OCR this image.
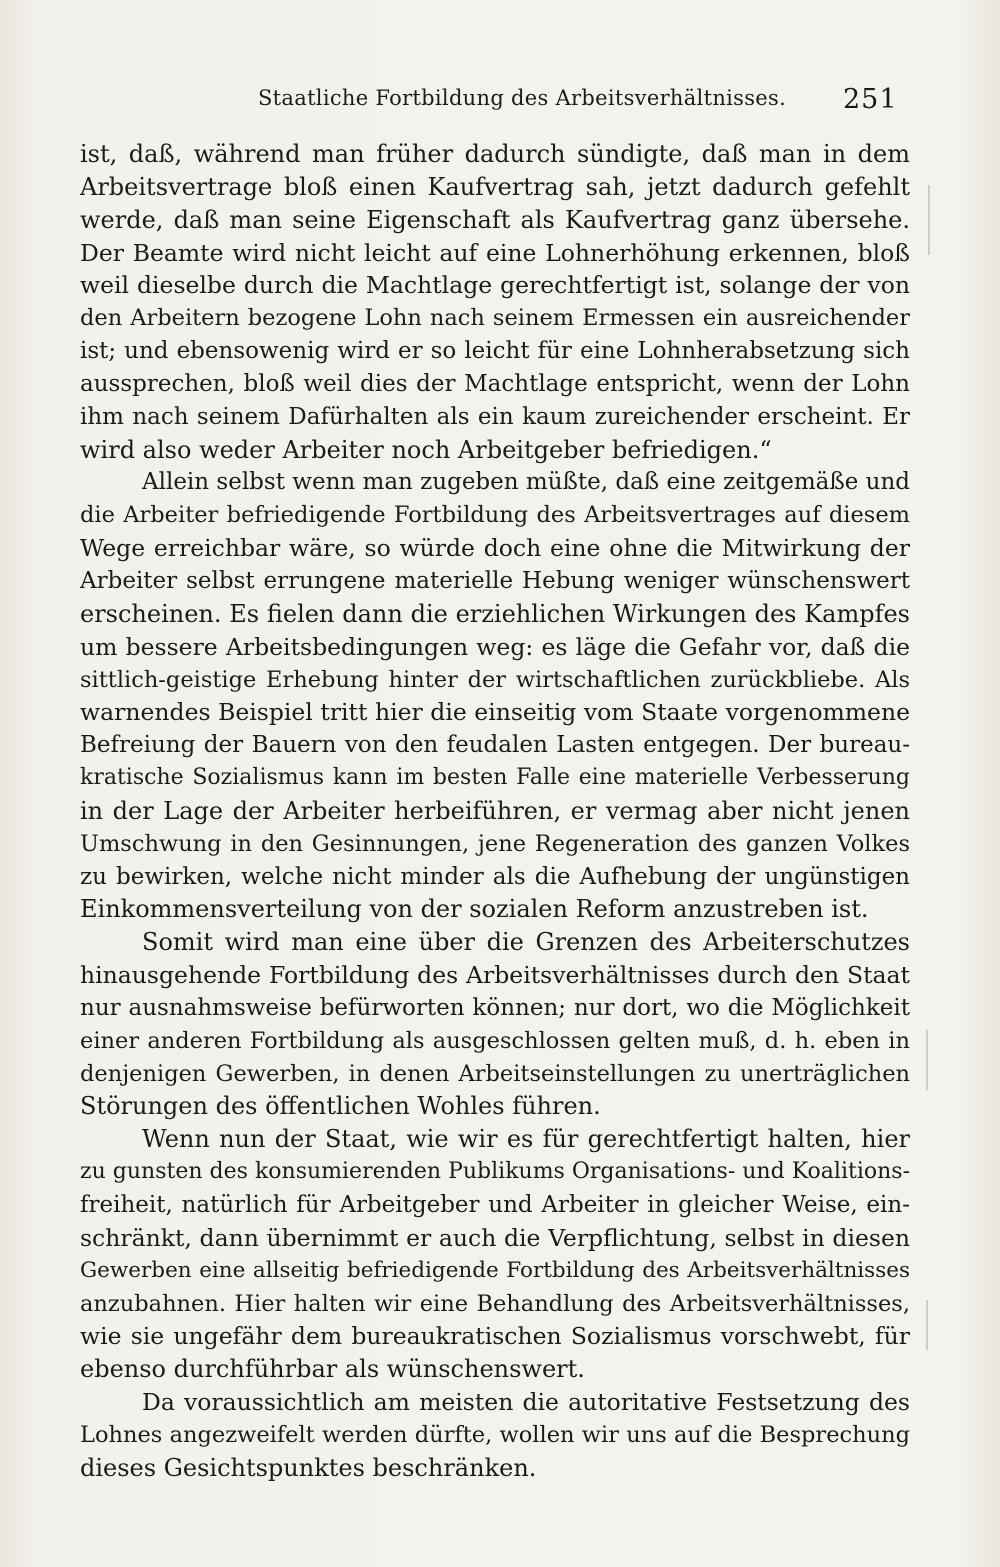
Staatliche Fortbildung des Arbeitsverhältnisses. 251
ist, daß, während man früher dadurch sündigte, daß man in dem
Arbeitsvertrage bloß einen Kaufvertrag sah, jetzt dadurch gefehlt
werde, daß man seine Eigenschaft als Kaufvertrag ganz übersehe.
Der Beamte wird nicht leicht auf eine Lohnerhöhung erkennen, bloß
weil dieselbe durch die Machtlage gerechtfertigt ist, solange der von
den Arbeitern bezogene Lohn nach seinem Ermessen ein ausreichender
ist; und ebensowenig wird er so leicht für eine Lohnherabsetzung sich
aussprechen, bloß weil dies der Machtlage entspricht, wenn der Lohn
ihm nach seinem Dafürhalten als ein kaum zureichender erscheint. Er
wird also weder Arbeiter noch Arbeitgeber befriedigen.“
Allein selbst wenn man zugeben müßte, daß eine zeitgemäße und
die Arbeiter befriedigende Fortbildung des Arbeitsvertrages auf diesem
Wege erreichbar wäre, so würde doch eine ohne die Mitwirkung der
Arbeiter selbst errungene materielle Hebung weniger wünschenswert
erscheinen. Es fielen dann die erziehlichen Wirkungen des Kampfes
um bessere Arbeitsbedingungen weg: es läge die Gefahr vor, daß die
sittlich-geistige Erhebung hinter der wirtschaftlichen zurückbliebe. Als
warnendes Beispiel tritt hier die einseitig vom Staate vorgenommene
Befreiung der Bauern von den feudalen Lasten entgegen. Der bureau-
kratische Sozialismus kann im besten Falle eine materielle Verbesserung
in der Lage der Arbeiter herbeiführen, er vermag aber nicht jenen
Umschwung in den Gesinnungen, jene Regeneration des ganzen Volkes
zu bewirken, welche nicht minder als die Aufhebung der ungünstigen
Einkommensverteilung von der sozialen Reform anzustreben ist.
Somit wird man eine über die Grenzen des Arbeiterschutzes
hinausgehende Fortbildung des Arbeitsverhältnisses durch den Staat
nur ausnahmsweise befürworten können; nur dort, wo die Möglichkeit
einer anderen Fortbildung als ausgeschlossen gelten muß, d. h. eben in
denjenigen Gewerben, in denen Arbeitseinstellungen zu unerträglichen
Störungen des öffentlichen Wohles führen.
Wenn nun der Staat, wie wir es für gerechtfertigt halten, hier
zu gunsten des konsumierenden Publikums Organisations- und Koalitions-
freiheit, natürlich für Arbeitgeber und Arbeiter in gleicher Weise, ein-
schränkt, dann übernimmt er auch die Verpflichtung, selbst in diesen
Gewerben eine allseitig befriedigende Fortbildung des Arbeitsverhältnisses
anzubahnen. Hier halten wir eine Behandlung des Arbeitsverhältnisses,
wie sie ungefähr dem bureaukratischen Sozialismus vorschwebt, für
ebenso durchführbar als wünschenswert.
Da voraussichtlich am meisten die autoritative Festsetzung des
Lohnes angezweifelt werden dürfte, wollen wir uns auf die Besprechung
dieses Gesichtspunktes beschränken.
